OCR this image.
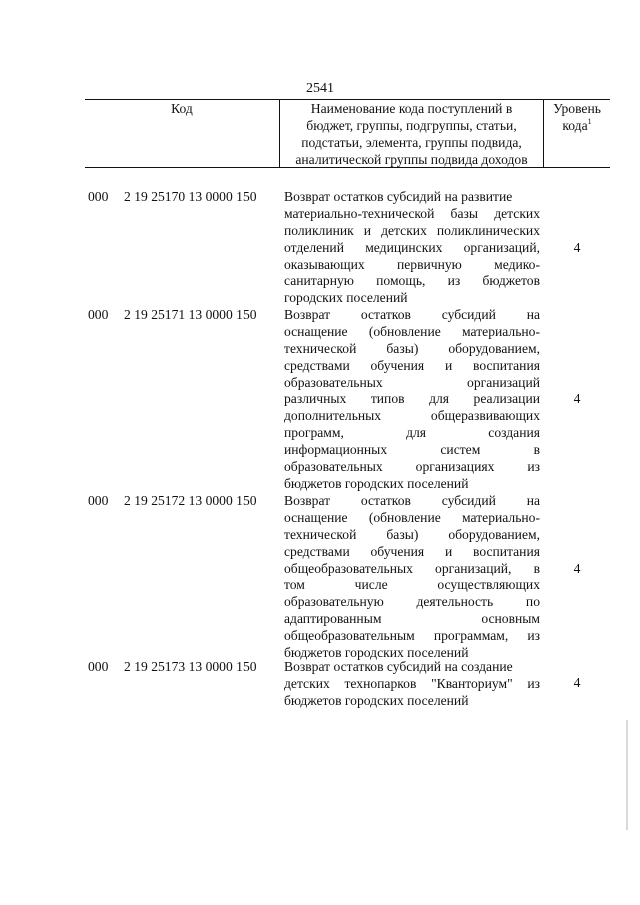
2541
Код	Наименование кода поступлений в
бюджет, группы, подгруппы, статьи,
подстатьи, элемента, группы подвида,
аналитической группы подвида доходов
Уровень
кода$^1$
000 2 19 25170 13 0000 150 Возврат остатков субсидий на развитие
материально-технической базы детских
поликлиник и детских поликлинических
отделений медицинских организаций,
оказывающих первичную медико-
санитарную помощь, из бюджетов
городских поселений
4
000 2 19 25171 13 0000 150 Возврат остатков субсидий на
оснащение (обновление материально-
технической базы) оборудованием,
средствами обучения и воспитания
образовательных организаций
различных типов для реализации
дополнительных общеразвивающих
программ, для создания
информационных систем в
образовательных организациях из
бюджетов городских поселений
4
000 2 19 25172 13 0000 150 Возврат остатков субсидий на
оснащение (обновление материально-
технической базы) оборудованием,
средствами обучения и воспитания
общеобразовательных организаций, в
том числе осуществляющих
образовательную деятельность по
адаптированным основным
общеобразовательным программам, из
бюджетов городских поселений
4
000 2 19 25173 13 0000 150 Возврат остатков субсидий на создание
детских технопарков "Кванториум" из
бюджетов городских поселений
4
